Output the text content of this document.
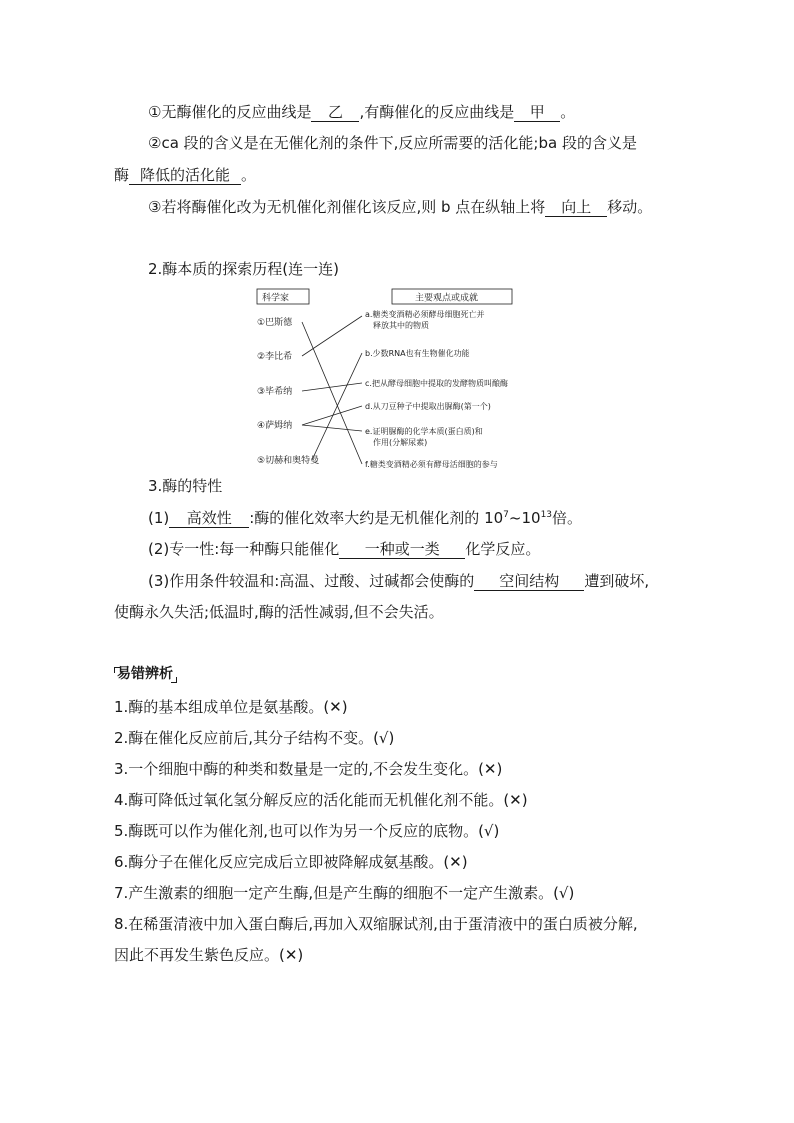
①无酶催化的反应曲线是 乙 ,有酶催化的反应曲线是 甲 。
②ca 段的含义是在无催化剂的条件下,反应所需要的活化能;ba 段的含义是
酶 降低的活化能 。
③若将酶催化改为无机催化剂催化该反应,则 b 点在纵轴上将 向上 移动。
2.酶本质的探索历程(连一连)
科学家	主要观点或成就
①巴斯德
②李比希
③毕希纳
④萨姆纳
⑤切赫和奥特曼
a.糖类变酒精必须酵母细胞死亡并
释放其中的物质
b.少数RNA也有生物催化功能
c.把从酵母细胞中提取的发酵物质叫酿酶
d.从刀豆种子中提取出脲酶(第一个)
e.证明脲酶的化学本质(蛋白质)和
作用(分解尿素)
f.糖类变酒精必须有酵母活细胞的参与
3.酶的特性
(1) 高效性 :酶的催化效率大约是无机催化剂的 $10^7\sim 10^{13}$倍。
(2)专一性:每一种酶只能催化 一种或一类 化学反应。
(3)作用条件较温和:高温、过酸、过碱都会使酶的 空间结构 遭到破坏,
使酶永久失活;低温时,酶的活性减弱,但不会失活。
易错辨析
1.酶的基本组成单位是氨基酸。(✕)
2.酶在催化反应前后,其分子结构不变。(√)
3.一个细胞中酶的种类和数量是一定的,不会发生变化。(✕)
4.酶可降低过氧化氢分解反应的活化能而无机催化剂不能。(✕)
5.酶既可以作为催化剂,也可以作为另一个反应的底物。(√)
6.酶分子在催化反应完成后立即被降解成氨基酸。(✕)
7.产生激素的细胞一定产生酶,但是产生酶的细胞不一定产生激素。(√)
8.在稀蛋清液中加入蛋白酶后,再加入双缩脲试剂,由于蛋清液中的蛋白质被分解,
因此不再发生紫色反应。(✕)
